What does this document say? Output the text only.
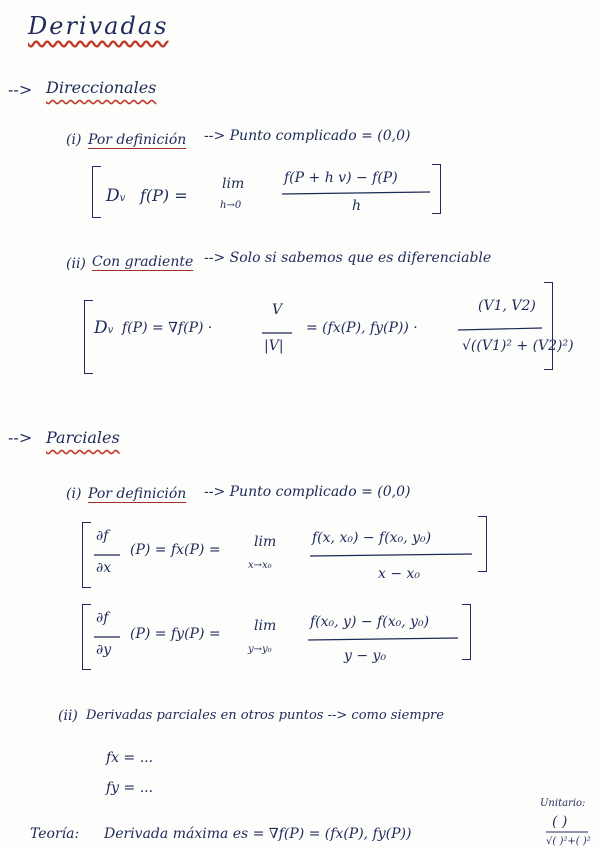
Derivadas
--> Direccionales
(i) Por definición --> Punto complicado = (0,0)
Dv f(P) =
lim
h→0
f(P + h v) − f(P)
h
(ii) Con gradiente --> Solo si sabemos que es diferenciable
Dv f(P) = ∇f(P) ·
V
|V|
= (fx(P), fy(P)) ·
(V1, V2)
√((V1)² + (V2)²)
--> Parciales
(i) Por definición --> Punto complicado = (0,0)
∂f
∂x
(P) = fx(P) = lim
x→x₀
f(x, x₀) − f(x₀, y₀)
x − x₀
∂f
∂y
(P) = fy(P) = lim
y→y₀
f(x₀, y) − f(x₀, y₀)
y − y₀
(ii) Derivadas parciales en otros puntos --> como siempre
fx = ...
fy = ...
Teoría: Derivada máxima es = ∇f(P) = (fx(P), fy(P))
Unitario:
( )
√( )²+( )²
